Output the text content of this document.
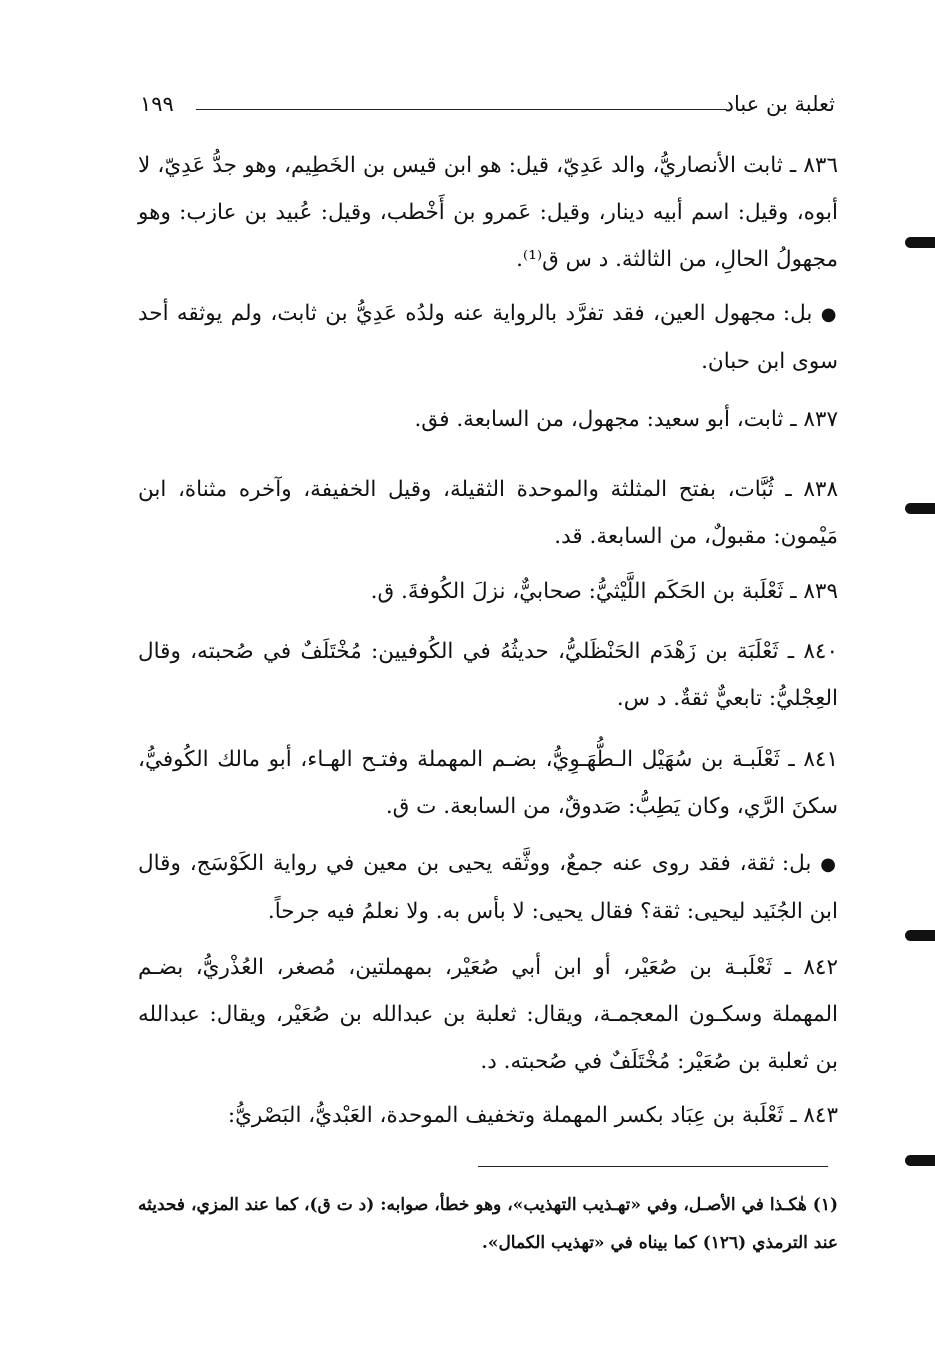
ثعلبة بن عباد
١٩٩

٨٣٦ ـ ثابت الأنصاريُّ، والد عَدِيّ، قيل: هو ابن قيس بن الخَطِيم، وهو جدُّ عَدِيّ، لا أبوه، وقيل: اسم أبيه دينار، وقيل: عَمرو بن أَخْطب، وقيل: عُبيد بن عازب: وهو مجهولُ الحالِ، من الثالثة. د س ق⁽¹⁾.

● بل: مجهول العين، فقد تفرَّد بالرواية عنه ولدُه عَدِيُّ بن ثابت، ولم يوثقه أحد سوى ابن حبان.

٨٣٧ ـ ثابت، أبو سعيد: مجهول، من السابعة. فق.

٨٣٨ ـ ثُبَّات، بفتح المثلثة والموحدة الثقيلة، وقيل الخفيفة، وآخره مثناة، ابن مَيْمون: مقبولٌ، من السابعة. قد.

٨٣٩ ـ ثَعْلَبة بن الحَكَم اللَّيْثيُّ: صحابيٌّ، نزلَ الكُوفةَ. ق.

٨٤٠ ـ ثَعْلَبَة بن زَهْدَم الحَنْظَليُّ، حديثُهُ في الكُوفيين: مُخْتَلَفٌ في صُحبته، وقال العِجْليُّ: تابعيٌّ ثقةٌ. د س.

٨٤١ ـ ثَعْلَبـة بن سُهَيْل الـطُّهَـوِيُّ، بضـم المهملة وفتـح الهـاء، أبو مالك الكُوفيُّ، سكنَ الرَّي، وكان يَطِبُّ: صَدوقٌ، من السابعة. ت ق.

● بل: ثقة، فقد روى عنه جمعٌ، ووثَّقه يحيى بن معين في رواية الكَوْسَج، وقال ابن الجُنَيد ليحيى: ثقة؟ فقال يحيى: لا بأس به. ولا نعلمُ فيه جرحاً.

٨٤٢ ـ ثَعْلَبـة بن صُعَيْر، أو ابن أبي صُعَيْر، بمهملتين، مُصغر، العُذْريُّ، بضـم المهملة وسكـون المعجمـة، ويقال: ثعلبة بن عبدالله بن صُعَيْر، ويقال: عبدالله بن ثعلبة بن صُعَيْر: مُخْتَلَفٌ في صُحبته. د.

٨٤٣ ـ ثَعْلَبة بن عِبَاد بكسر المهملة وتخفيف الموحدة، العَبْديُّ، البَصْريُّ:

(١) هٰكـذا في الأصـل، وفي «تهـذيب التهذيب»، وهو خطأ، صوابه: (د ت ق)، كما عند المزي، فحديثه عند الترمذي (١٢٦) كما بيناه في «تهذيب الكمال».
